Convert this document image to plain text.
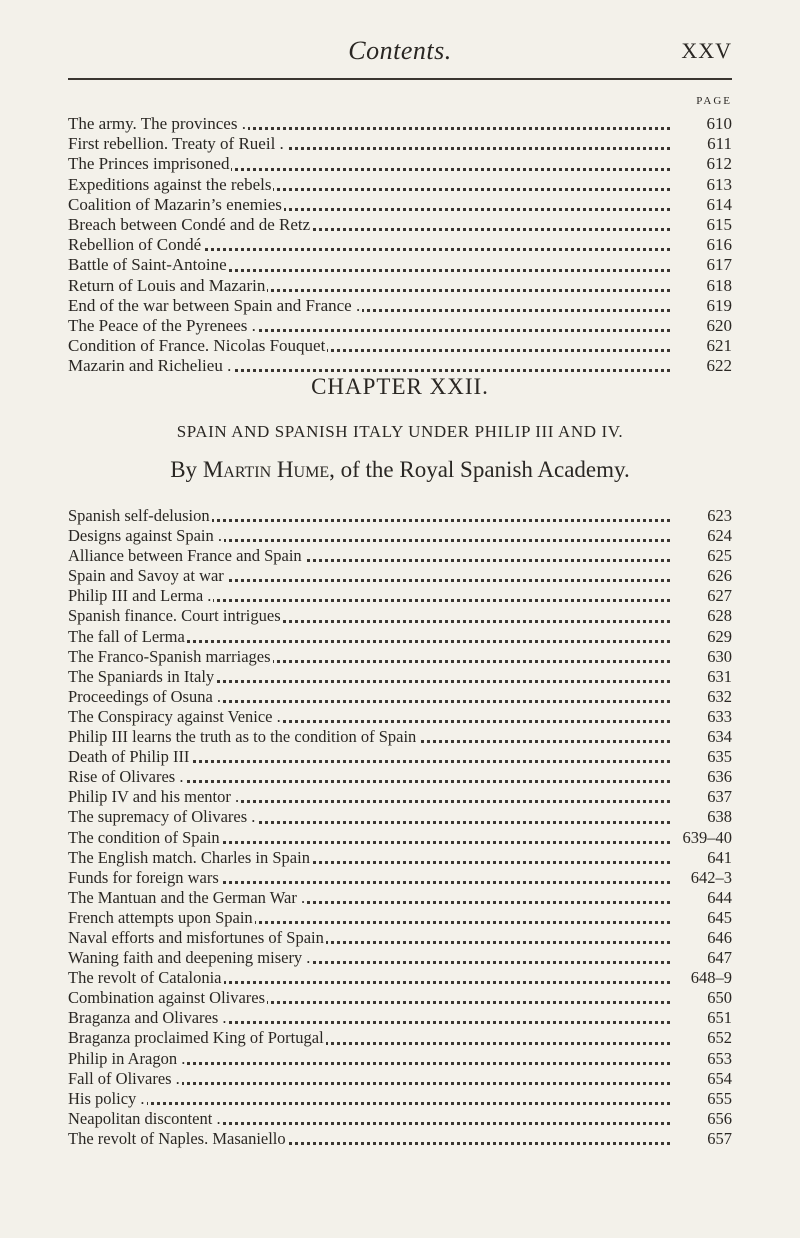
Contents.	XXV
PAGE
The army. The provinces .	610
First rebellion. Treaty of Rueil .	611
The Princes imprisoned	612
Expeditions against the rebels	613
Coalition of Mazarin’s enemies	614
Breach between Condé and de Retz	615
Rebellion of Condé	616
Battle of Saint-Antoine	617
Return of Louis and Mazarin	618
End of the war between Spain and France .	619
The Peace of the Pyrenees .	620
Condition of France. Nicolas Fouquet	621
Mazarin and Richelieu .	622
CHAPTER XXII.
SPAIN AND SPANISH ITALY UNDER PHILIP III AND IV.
By Martin Hume, of the Royal Spanish Academy.
Spanish self-delusion	623
Designs against Spain .	624
Alliance between France and Spain	625
Spain and Savoy at war	626
Philip III and Lerma .	627
Spanish finance. Court intrigues	628
The fall of Lerma	629
The Franco-Spanish marriages	630
The Spaniards in Italy	631
Proceedings of Osuna .	632
The Conspiracy against Venice .	633
Philip III learns the truth as to the condition of Spain	634
Death of Philip III	635
Rise of Olivares .	636
Philip IV and his mentor .	637
The supremacy of Olivares .	638
The condition of Spain	639–40
The English match. Charles in Spain	641
Funds for foreign wars	642–3
The Mantuan and the German War .	644
French attempts upon Spain	645
Naval efforts and misfortunes of Spain	646
Waning faith and deepening misery .	647
The revolt of Catalonia	648–9
Combination against Olivares	650
Braganza and Olivares .	651
Braganza proclaimed King of Portugal	652
Philip in Aragon .	653
Fall of Olivares .	654
His policy .	655
Neapolitan discontent .	656
The revolt of Naples. Masaniello	657
